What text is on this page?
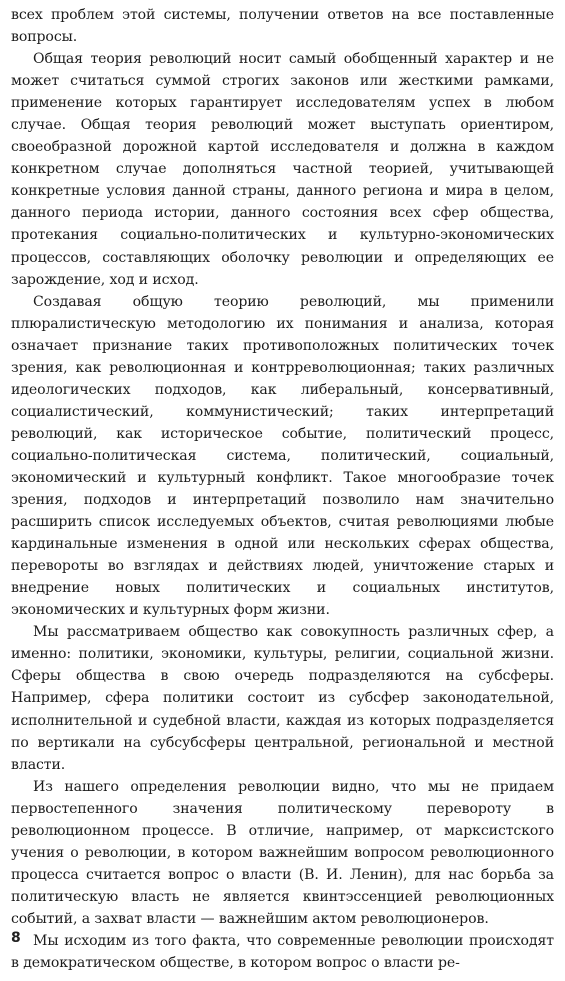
всех проблем этой системы, получении ответов на все поставленные вопросы.

Общая теория революций носит самый обобщенный характер и не может считаться суммой строгих законов или жесткими рамками, применение которых гарантирует исследователям успех в любом случае. Общая теория революций может выступать ориентиром, своеобразной дорожной картой исследователя и должна в каждом конкретном случае дополняться частной теорией, учитывающей конкретные условия данной страны, данного региона и мира в целом, данного периода истории, данного состояния всех сфер общества, протекания социально-политических и культурно-экономических процессов, составляющих оболочку революции и определяющих ее зарождение, ход и исход.

Создавая общую теорию революций, мы применили плюралистическую методологию их понимания и анализа, которая означает признание таких противоположных политических точек зрения, как революционная и контрреволюционная; таких различных идеологических подходов, как либеральный, консервативный, социалистический, коммунистический; таких интерпретаций революций, как историческое событие, политический процесс, социально-политическая система, политический, социальный, экономический и культурный конфликт. Такое многообразие точек зрения, подходов и интерпретаций позволило нам значительно расширить список исследуемых объектов, считая революциями любые кардинальные изменения в одной или нескольких сферах общества, перевороты во взглядах и действиях людей, уничтожение старых и внедрение новых политических и социальных институтов, экономических и культурных форм жизни.

Мы рассматриваем общество как совокупность различных сфер, а именно: политики, экономики, культуры, религии, социальной жизни. Сферы общества в свою очередь подразделяются на субсферы. Например, сфера политики состоит из субсфер законодательной, исполнительной и судебной власти, каждая из которых подразделяется по вертикали на субсубсферы центральной, региональной и местной власти.

Из нашего определения революции видно, что мы не придаем первостепенного значения политическому перевороту в революционном процессе. В отличие, например, от марксистского учения о революции, в котором важнейшим вопросом революционного процесса считается вопрос о власти (В. И. Ленин), для нас борьба за политическую власть не является квинтэссенцией революционных событий, а захват власти — важнейшим актом революционеров.

Мы исходим из того факта, что современные революции происходят в демократическом обществе, в котором вопрос о власти ре-

8
